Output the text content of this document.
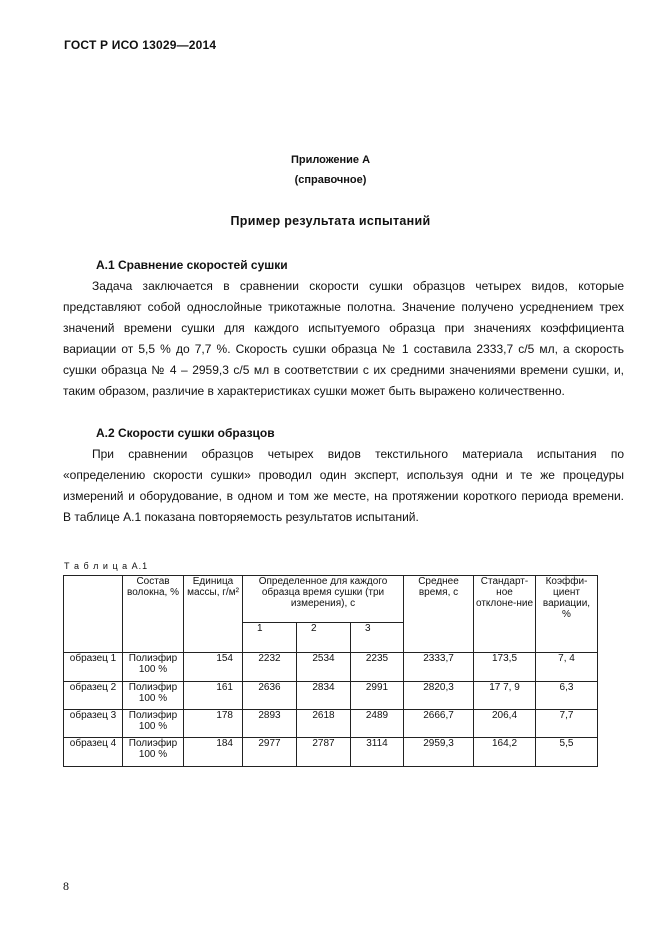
ГОСТ Р ИСО 13029—2014
Приложение А
(справочное)
Пример результата испытаний
А.1 Сравнение скоростей сушки

Задача заключается в сравнении скорости сушки образцов четырех видов, которые

представляют собой однослойные трикотажные полотна. Значение получено усреднением трех

значений времени сушки для каждого испытуемого образца при значениях коэффициента

вариации от 5,5 % до 7,7 %. Скорость сушки образца № 1 составила 2333,7 с/5 мл, а скорость

сушки образца № 4 – 2959,3 с/5 мл в соответствии с их средними значениями времени сушки, и,

таким образом, различие в характеристиках сушки может быть выражено количественно.

А.2 Скорости сушки образцов

При сравнении образцов четырех видов текстильного материала испытания по

«определению скорости сушки» проводил один эксперт, используя одни и те же процедуры

измерений и оборудование, в одном и том же месте, на протяжении короткого периода времени.

В таблице А.1 показана повторяемость результатов испытаний.

Т а б л и ц а А.1
	Состав волокна, %	Единица массы, г/м²	Определенное для каждого образца время сушки (три измерения), с			Среднее время, с	Стандарт-ное отклоне-ние	Коэффи-циент вариации, %
			1	2	3			
образец 1	Полиэфир 100 %	154	2232	2534	2235	2333,7	173,5	7, 4
образец 2	Полиэфир 100 %	161	2636	2834	2991	2820,3	17 7, 9	6,3
образец 3	Полиэфир 100 %	178	2893	2618	2489	2666,7	206,4	7,7
образец 4	Полиэфир 100 %	184	2977	2787	3114	2959,3	164,2	5,5
8
